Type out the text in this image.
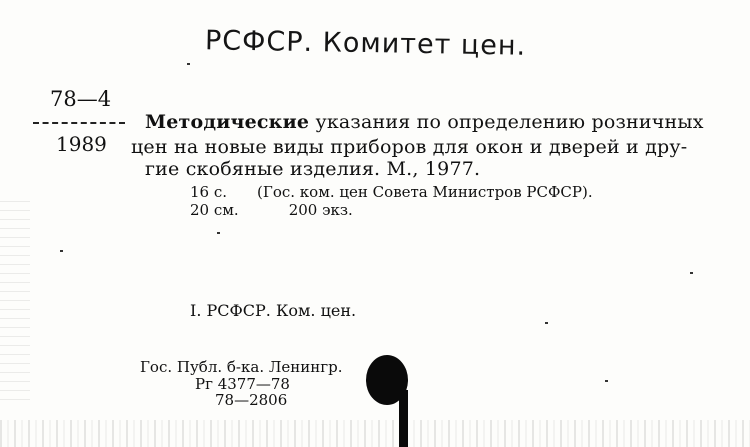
РСФСР. Комитет цен.
78—4
1989
Методические указания по определению розничных
цен на новые виды приборов для окон и дверей и дру-
гие скобяные изделия. М., 1977.
16 с. (Гос. ком. цен Совета Министров РСФСР).
20 см.	200 экз.
I. РСФСР. Ком. цен.
Гос. Публ. б-ка. Ленингр.
Рг 4377—78
78—2806
